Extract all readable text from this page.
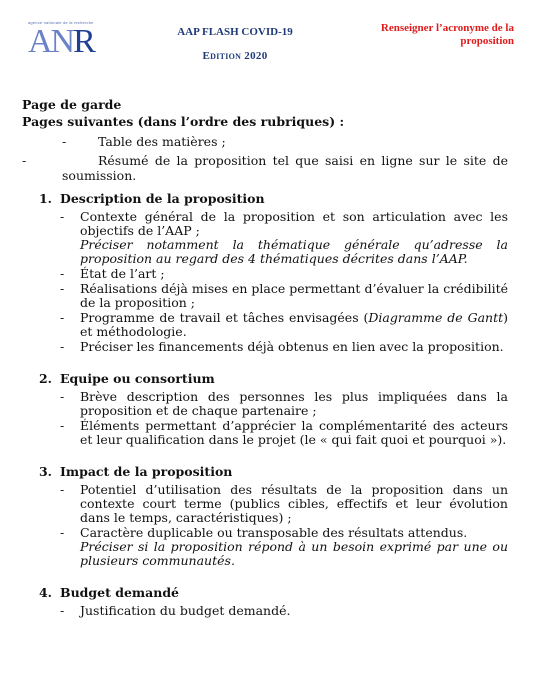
agence nationale de la recherche
ANR	AAP FLASH COVID-19
Edition 2020
Renseigner l’acronyme de la proposition

Page de garde

Pages suivantes (dans l’ordre des rubriques) :

-	Table des matières ;
-	Résumé de la proposition tel que saisi en ligne sur le site de soumission.
1. Description de la proposition
- Contexte général de la proposition et son articulation avec les objectifs de l’AAP ;
Préciser notamment la thématique générale qu’adresse la proposition au regard des 4 thématiques décrites dans l’AAP.
- État de l’art ;
- Réalisations déjà mises en place permettant d’évaluer la crédibilité de la proposition ;
- Programme de travail et tâches envisagées (Diagramme de Gantt) et méthodologie.
- Préciser les financements déjà obtenus en lien avec la proposition.
2. Equipe ou consortium
- Brève description des personnes les plus impliquées dans la proposition et de chaque partenaire ;
- Éléments permettant d’apprécier la complémentarité des acteurs et leur qualification dans le projet (le « qui fait quoi et pourquoi »).
3. Impact de la proposition
- Potentiel d’utilisation des résultats de la proposition dans un contexte court terme (publics cibles, effectifs et leur évolution dans le temps, caractéristiques) ;
- Caractère duplicable ou transposable des résultats attendus.
Préciser si la proposition répond à un besoin exprimé par une ou plusieurs communautés.
4. Budget demandé
- Justification du budget demandé.
